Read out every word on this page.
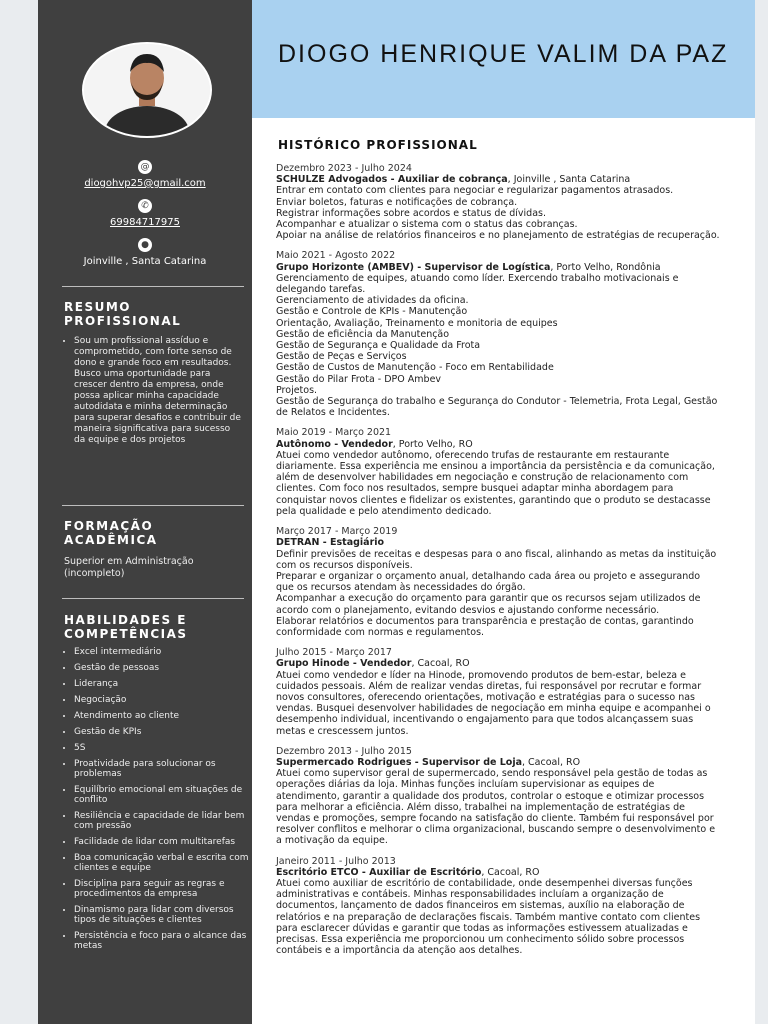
DIOGO HENRIQUE VALIM DA PAZ
@
diogohvp25@gmail.com
✆
69984717975
●
Joinville , Santa Catarina
RESUMO PROFISSIONAL
• Sou um profissional assíduo e comprometido, com forte senso de dono e grande foco em resultados. Busco uma oportunidade para crescer dentro da empresa, onde possa aplicar minha capacidade autodidata e minha determinação para superar desafios e contribuir de maneira significativa para sucesso da equipe e dos projetos
FORMAÇÃO ACADÊMICA
Superior em Administração (incompleto)
HABILIDADES E COMPETÊNCIAS
• Excel intermediário
• Gestão de pessoas
• Liderança
• Negociação
• Atendimento ao cliente
• Gestão de KPIs
• 5S
• Proatividade para solucionar os problemas
• Equilíbrio emocional em situações de conflito
• Resiliência e capacidade de lidar bem com pressão
• Facilidade de lidar com multitarefas
• Boa comunicação verbal e escrita com clientes e equipe
• Disciplina para seguir as regras e procedimentos da empresa
• Dinamismo para lidar com diversos tipos de situações e clientes
• Persistência e foco para o alcance das metas
HISTÓRICO PROFISSIONAL
Dezembro 2023 - Julho 2024
SCHULZE Advogados - Auxiliar de cobrança, Joinville , Santa Catarina
Entrar em contato com clientes para negociar e regularizar pagamentos atrasados.
Enviar boletos, faturas e notificações de cobrança.
Registrar informações sobre acordos e status de dívidas.
Acompanhar e atualizar o sistema com o status das cobranças.
Apoiar na análise de relatórios financeiros e no planejamento de estratégias de recuperação.
Maio 2021 - Agosto 2022
Grupo Horizonte (AMBEV) - Supervisor de Logística, Porto Velho, Rondônia
Gerenciamento de equipes, atuando como líder. Exercendo trabalho motivacionais e delegando tarefas.
Gerenciamento de atividades da oficina.
Gestão e Controle de KPIs - Manutenção
Orientação, Avaliação, Treinamento e monitoria de equipes
Gestão de eficiência da Manutenção
Gestão de Segurança e Qualidade da Frota
Gestão de Peças e Serviços
Gestão de Custos de Manutenção - Foco em Rentabilidade
Gestão do Pilar Frota - DPO Ambev
Projetos.
Gestão de Segurança do trabalho e Segurança do Condutor - Telemetria, Frota Legal, Gestão de Relatos e Incidentes.
Maio 2019 - Março 2021
Autônomo - Vendedor, Porto Velho, RO
Atuei como vendedor autônomo, oferecendo trufas de restaurante em restaurante diariamente. Essa experiência me ensinou a importância da persistência e da comunicação, além de desenvolver habilidades em negociação e construção de relacionamento com clientes. Com foco nos resultados, sempre busquei adaptar minha abordagem para conquistar novos clientes e fidelizar os existentes, garantindo que o produto se destacasse pela qualidade e pelo atendimento dedicado.
Março 2017 - Março 2019
DETRAN - Estagiário
Definir previsões de receitas e despesas para o ano fiscal, alinhando as metas da instituição com os recursos disponíveis.
Preparar e organizar o orçamento anual, detalhando cada área ou projeto e assegurando que os recursos atendam às necessidades do órgão.
Acompanhar a execução do orçamento para garantir que os recursos sejam utilizados de acordo com o planejamento, evitando desvios e ajustando conforme necessário.
Elaborar relatórios e documentos para transparência e prestação de contas, garantindo conformidade com normas e regulamentos.
Julho 2015 - Março 2017
Grupo Hinode - Vendedor, Cacoal, RO
Atuei como vendedor e líder na Hinode, promovendo produtos de bem-estar, beleza e cuidados pessoais. Além de realizar vendas diretas, fui responsável por recrutar e formar novos consultores, oferecendo orientações, motivação e estratégias para o sucesso nas vendas. Busquei desenvolver habilidades de negociação em minha equipe e acompanhei o desempenho individual, incentivando o engajamento para que todos alcançassem suas metas e crescessem juntos.
Dezembro 2013 - Julho 2015
Supermercado Rodrigues - Supervisor de Loja, Cacoal, RO
Atuei como supervisor geral de supermercado, sendo responsável pela gestão de todas as operações diárias da loja. Minhas funções incluíam supervisionar as equipes de atendimento, garantir a qualidade dos produtos, controlar o estoque e otimizar processos para melhorar a eficiência. Além disso, trabalhei na implementação de estratégias de vendas e promoções, sempre focando na satisfação do cliente. Também fui responsável por resolver conflitos e melhorar o clima organizacional, buscando sempre o desenvolvimento e a motivação da equipe.
Janeiro 2011 - Julho 2013
Escritório ETCO - Auxiliar de Escritório, Cacoal, RO
Atuei como auxiliar de escritório de contabilidade, onde desempenhei diversas funções administrativas e contábeis. Minhas responsabilidades incluíam a organização de documentos, lançamento de dados financeiros em sistemas, auxílio na elaboração de relatórios e na preparação de declarações fiscais. Também mantive contato com clientes para esclarecer dúvidas e garantir que todas as informações estivessem atualizadas e precisas. Essa experiência me proporcionou um conhecimento sólido sobre processos contábeis e a importância da atenção aos detalhes.
